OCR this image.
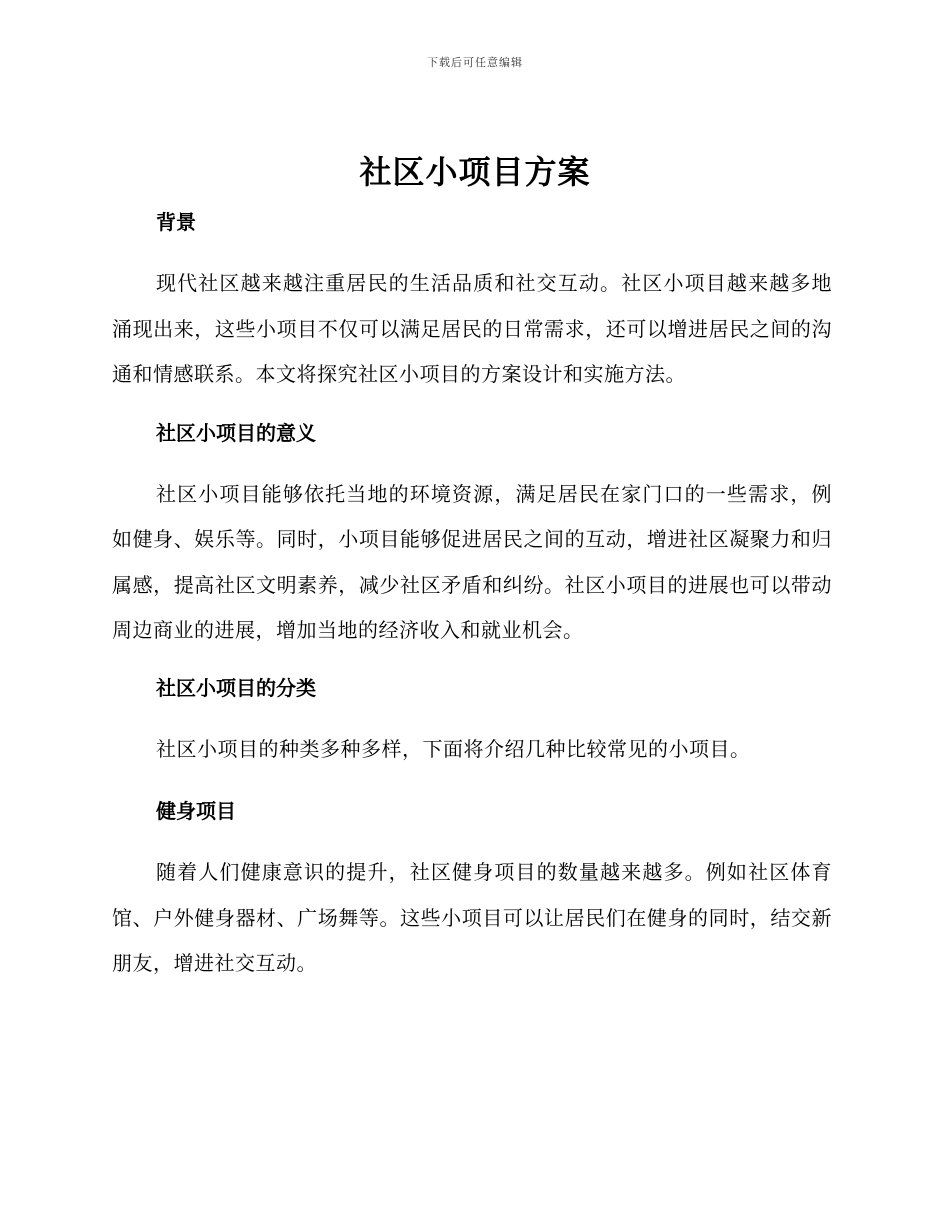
下载后可任意编辑
社区小项目方案
背景

现代社区越来越注重居民的生活品质和社交互动。社区小项目越来越多地涌现出来，这些小项目不仅可以满足居民的日常需求，还可以增进居民之间的沟通和情感联系。本文将探究社区小项目的方案设计和实施方法。

社区小项目的意义

社区小项目能够依托当地的环境资源，满足居民在家门口的一些需求，例如健身、娱乐等。同时，小项目能够促进居民之间的互动，增进社区凝聚力和归属感，提高社区文明素养，减少社区矛盾和纠纷。社区小项目的进展也可以带动周边商业的进展，增加当地的经济收入和就业机会。

社区小项目的分类

社区小项目的种类多种多样，下面将介绍几种比较常见的小项目。

健身项目

随着人们健康意识的提升，社区健身项目的数量越来越多。例如社区体育馆、户外健身器材、广场舞等。这些小项目可以让居民们在健身的同时，结交新朋友，增进社交互动。
